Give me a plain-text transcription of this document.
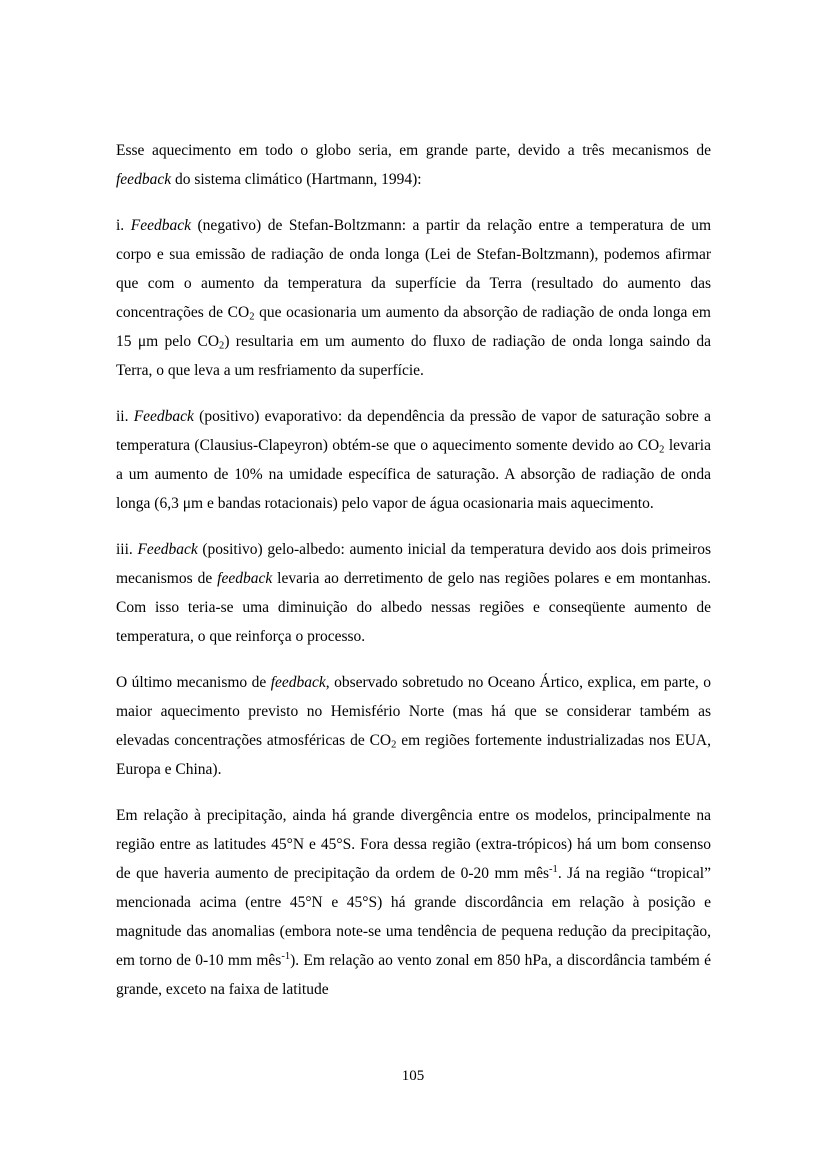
Esse aquecimento em todo o globo seria, em grande parte, devido a três mecanismos de feedback do sistema climático (Hartmann, 1994):

i. Feedback (negativo) de Stefan-Boltzmann: a partir da relação entre a temperatura de um corpo e sua emissão de radiação de onda longa (Lei de Stefan-Boltzmann), podemos afirmar que com o aumento da temperatura da superfície da Terra (resultado do aumento das concentrações de $CO_2$ que ocasionaria um aumento da absorção de radiação de onda longa em 15 μm pelo $CO_2$) resultaria em um aumento do fluxo de radiação de onda longa saindo da Terra, o que leva a um resfriamento da superfície.

ii. Feedback (positivo) evaporativo: da dependência da pressão de vapor de saturação sobre a temperatura (Clausius-Clapeyron) obtém-se que o aquecimento somente devido ao $CO_2$ levaria a um aumento de 10% na umidade específica de saturação. A absorção de radiação de onda longa (6,3 μm e bandas rotacionais) pelo vapor de água ocasionaria mais aquecimento.

iii. Feedback (positivo) gelo-albedo: aumento inicial da temperatura devido aos dois primeiros mecanismos de feedback levaria ao derretimento de gelo nas regiões polares e em montanhas. Com isso teria-se uma diminuição do albedo nessas regiões e conseqüente aumento de temperatura, o que reinforça o processo.

O último mecanismo de feedback, observado sobretudo no Oceano Ártico, explica, em parte, o maior aquecimento previsto no Hemisfério Norte (mas há que se considerar também as elevadas concentrações atmosféricas de $CO_2$ em regiões fortemente industrializadas nos EUA, Europa e China).

Em relação à precipitação, ainda há grande divergência entre os modelos, principalmente na região entre as latitudes 45°N e 45°S. Fora dessa região (extra-trópicos) há um bom consenso de que haveria aumento de precipitação da ordem de 0-20 mm mês$^{-1}$. Já na região “tropical” mencionada acima (entre 45°N e 45°S) há grande discordância em relação à posição e magnitude das anomalias (embora note-se uma tendência de pequena redução da precipitação, em torno de 0-10 mm mês$^{-1}$). Em relação ao vento zonal em 850 hPa, a discordância também é grande, exceto na faixa de latitude

105
